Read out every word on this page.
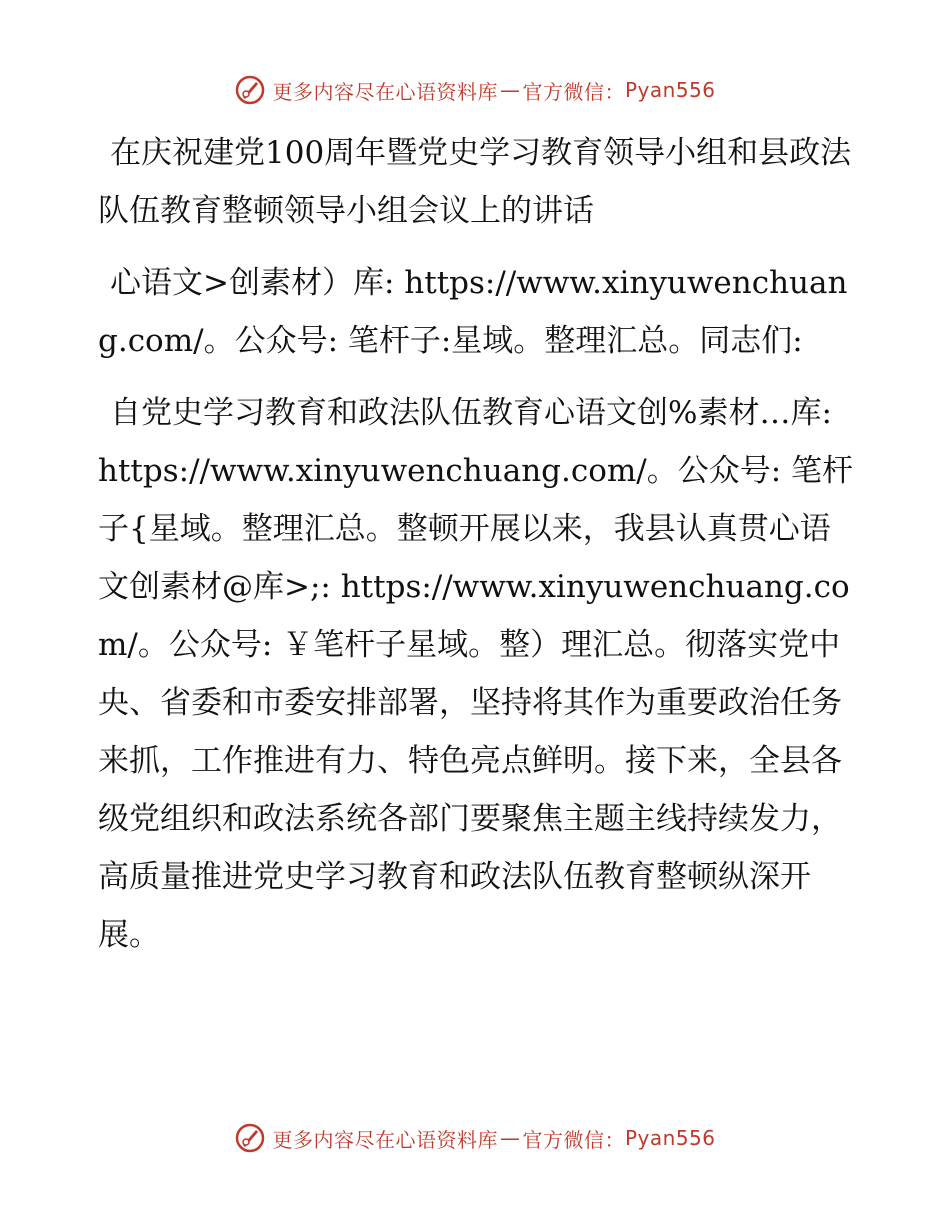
更多内容尽在心语资料库 — 官方微信： Pyan556

在庆祝建党100周年暨党史学习教育领导小组和县政法队伍教育整顿领导小组会议上的讲话

心语文>创素材）库: https://www.xinyuwenchuang.com/。公众号: 笔杆子:星域。整理汇总。同志们:

自党史学习教育和政法队伍教育心语文创%素材…库: https://www.xinyuwenchuang.com/。公众号: 笔杆子{星域。整理汇总。整顿开展以来，我县认真贯心语文创素材@库>;: https://www.xinyuwenchuang.com/。公众号: ￥笔杆子星域。整）理汇总。彻落实党中央、省委和市委安排部署，坚持将其作为重要政治任务来抓，工作推进有力、特色亮点鲜明。接下来，全县各级党组织和政法系统各部门要聚焦主题主线持续发力，高质量推进党史学习教育和政法队伍教育整顿纵深开展。

更多内容尽在心语资料库 — 官方微信： Pyan556
